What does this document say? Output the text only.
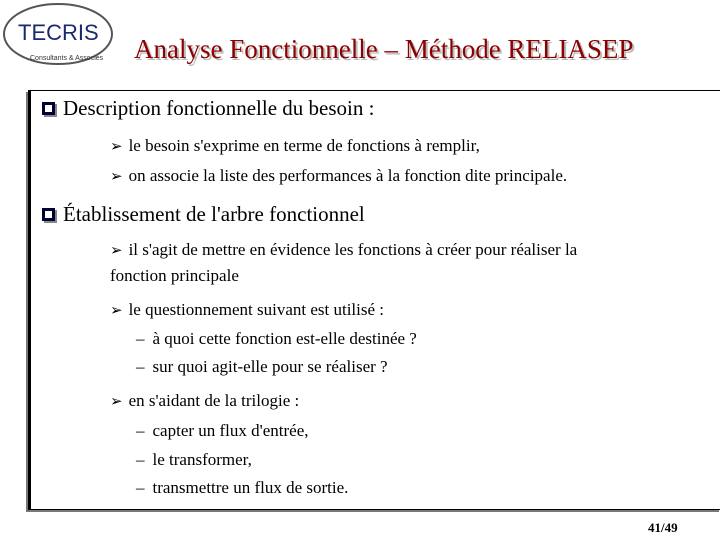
TECRIS
Consultants & Associés Analyse Fonctionnelle – Méthode RELIASEP
Description fonctionnelle du besoin :
➢ le besoin s'exprime en terme de fonctions à remplir,
➢ on associe la liste des performances à la fonction dite principale.
Établissement de l'arbre fonctionnel
➢ il s'agit de mettre en évidence les fonctions à créer pour réaliser la
fonction principale
➢ le questionnement suivant est utilisé :
– à quoi cette fonction est-elle destinée ?
– sur quoi agit-elle pour se réaliser ?
➢ en s'aidant de la trilogie :
– capter un flux d'entrée,
– le transformer,
– transmettre un flux de sortie.
41/49
